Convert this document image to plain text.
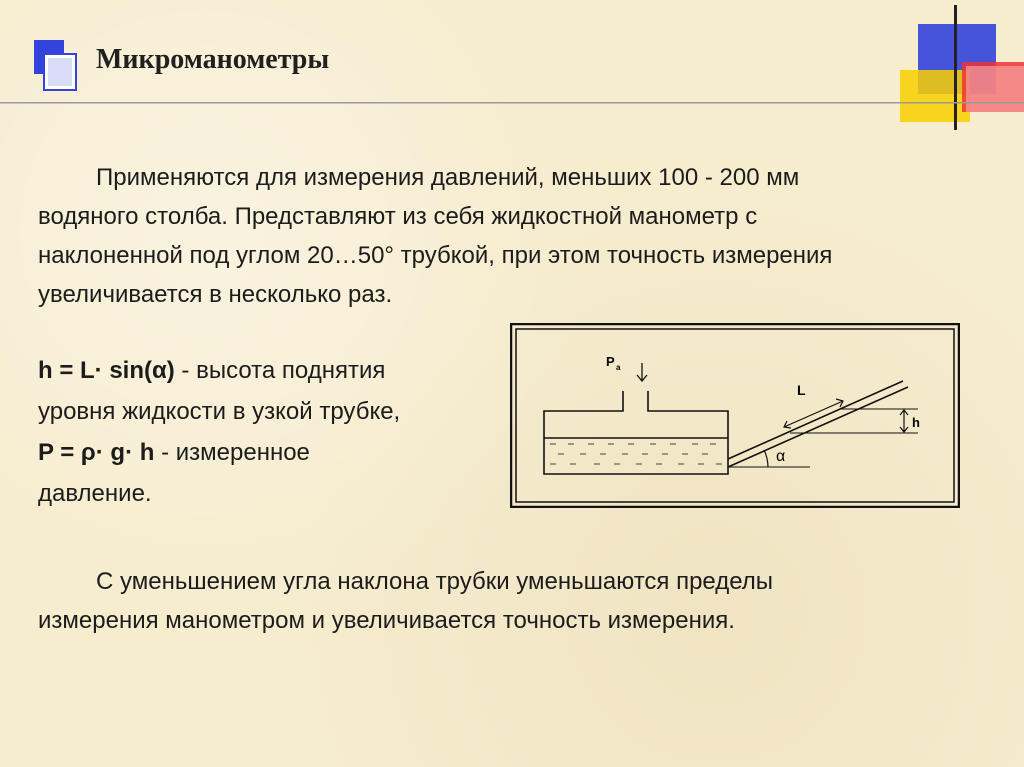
Микроманометры
Применяются для измерения давлений, меньших 100 - 200 мм
водяного столба. Представляют из себя жидкостной манометр с
наклоненной под углом 20…50° трубкой, при этом точность измерения
увеличивается в несколько раз.
h = L· sin(α) - высота поднятия
уровня жидкости в узкой трубке,
P = ρ· g· h - измеренное
давление.
α
P a
L
h
С уменьшением угла наклона трубки уменьшаются пределы
измерения манометром и увеличивается точность измерения.
